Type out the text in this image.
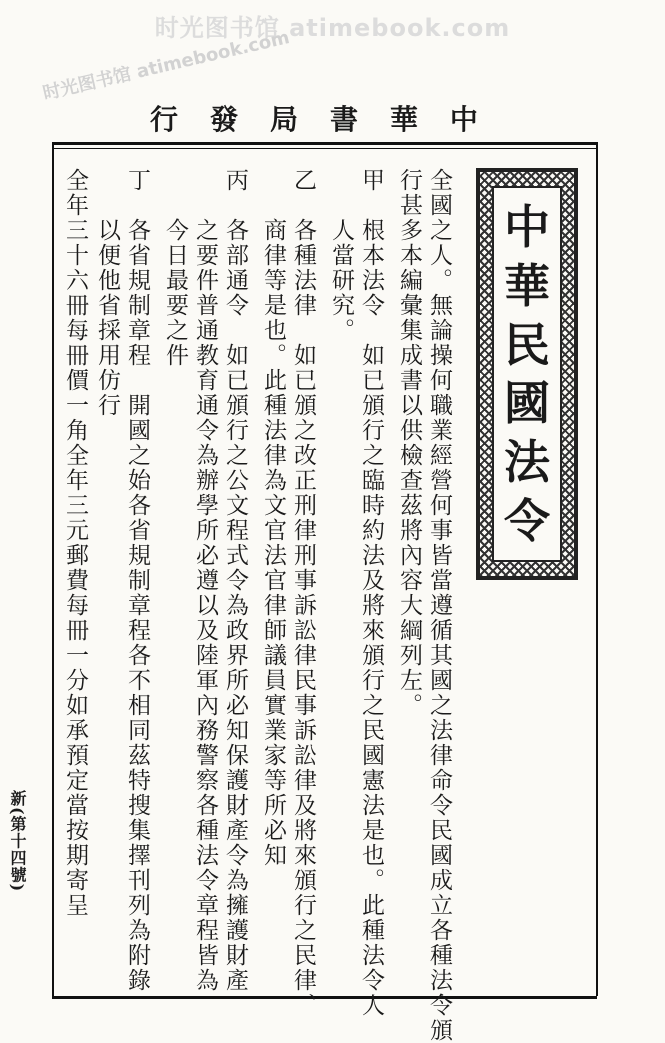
时光图书馆 atimebook.com
时光图书馆 atimebook.com
行 發 局 書 華 中
中
華
民
國
法
令
全國之人。無論操何職業經營何事皆當遵循其國之法律命令民國成立各種法令頒
行甚多本編彙集成書以供檢查茲將內容大綱列左。
甲　根本法令　如已頒行之臨時約法及將來頒行之民國憲法是也。此種法令人
　　人當研究。
乙　各種法律　如已頒之改正刑律刑事訴訟律民事訴訟律及將來頒行之民律、
　　商律等是也。此種法律為文官法官律師議員實業家等所必知
丙　各部通令　如已頒行之公文程式令為政界所必知保護財產令為擁護財產
　　之要件普通教育通令為辦學所必遵以及陸軍內務警察各種法令章程皆為
　　今日最要之件
丁　各省規制章程　開國之始各省規制章程各不相同茲特搜集擇刊列為附錄
　　以便他省採用仿行
全年三十六冊每冊價一角全年三元郵費每冊一分如承預定當按期寄呈
新(第十四號)
